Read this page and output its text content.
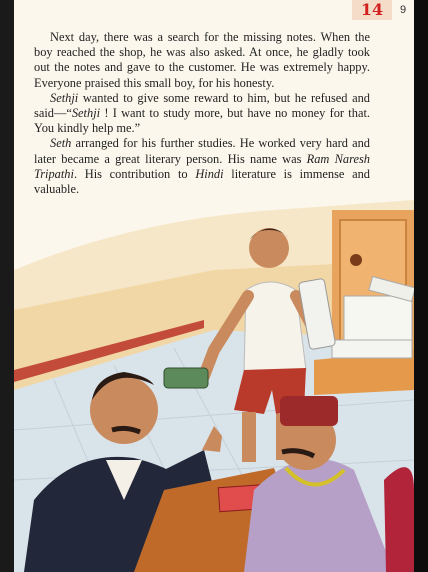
14	9

Next day, there was a search for the missing notes. When the boy reached the shop, he was also asked. At once, he gladly took out the notes and gave to the customer. He was extremely happy. Everyone praised this small boy, for his honesty.

Sethji wanted to give some reward to him, but he refused and said—“Sethji ! I want to study more, but have no money for that. You kindly help me.”

Seth arranged for his further studies. He worked very hard and later became a great literary person. His name was Ram Naresh Tripathi. His contribution to Hindi literature is immense and valuable.
